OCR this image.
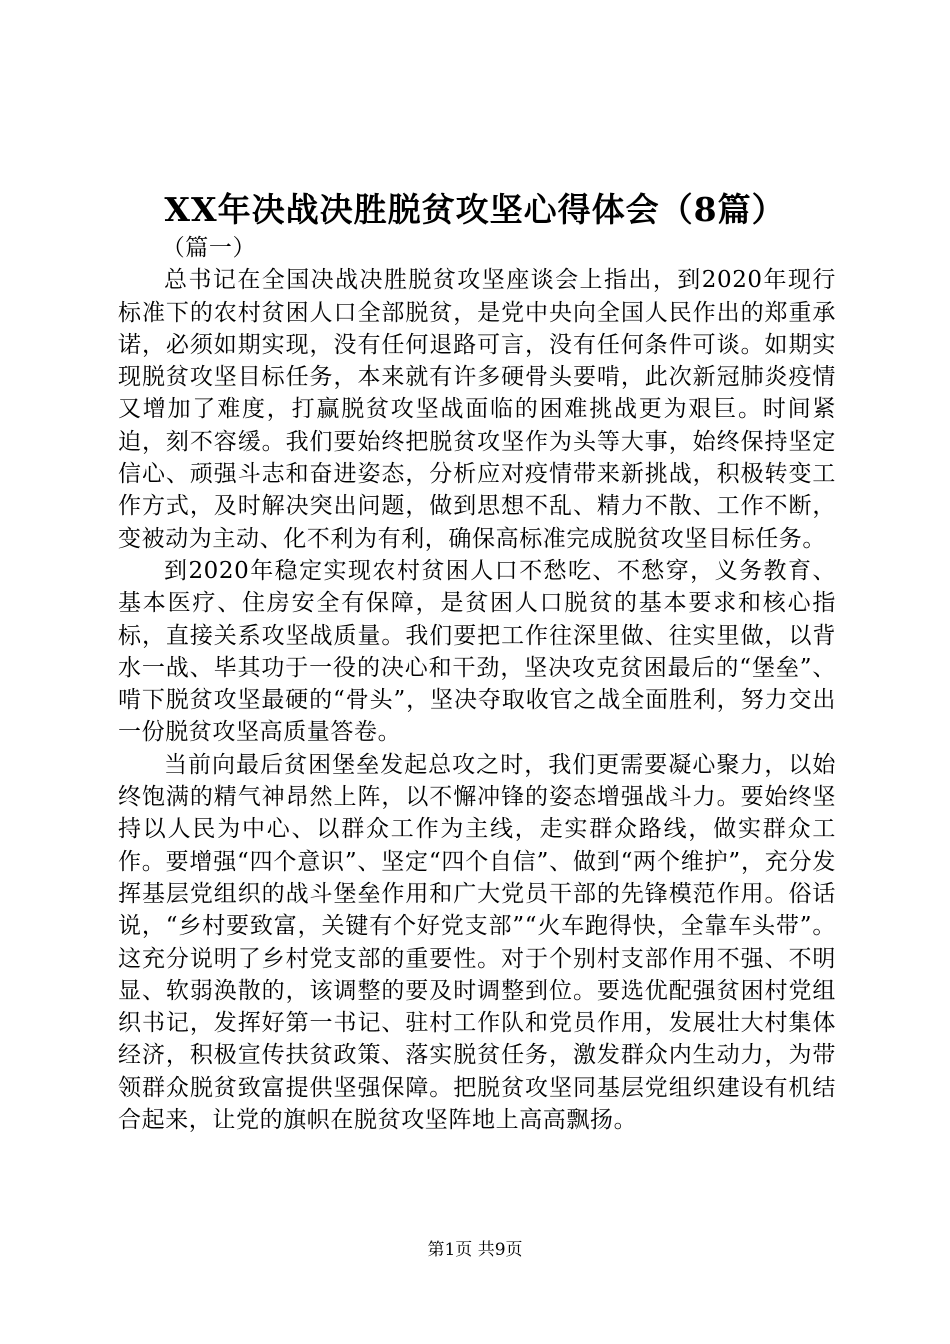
XX年决战决胜脱贫攻坚心得体会（8篇）

（篇一）

总书记在全国决战决胜脱贫攻坚座谈会上指出，到2020年现行标准下的农村贫困人口全部脱贫，是党中央向全国人民作出的郑重承诺，必须如期实现，没有任何退路可言，没有任何条件可谈。如期实现脱贫攻坚目标任务，本来就有许多硬骨头要啃，此次新冠肺炎疫情又增加了难度，打赢脱贫攻坚战面临的困难挑战更为艰巨。时间紧迫，刻不容缓。我们要始终把脱贫攻坚作为头等大事，始终保持坚定信心、顽强斗志和奋进姿态，分析应对疫情带来新挑战，积极转变工作方式，及时解决突出问题，做到思想不乱、精力不散、工作不断，变被动为主动、化不利为有利，确保高标准完成脱贫攻坚目标任务。

到2020年稳定实现农村贫困人口不愁吃、不愁穿，义务教育、基本医疗、住房安全有保障，是贫困人口脱贫的基本要求和核心指标，直接关系攻坚战质量。我们要把工作往深里做、往实里做，以背水一战、毕其功于一役的决心和干劲，坚决攻克贫困最后的“堡垒”、啃下脱贫攻坚最硬的“骨头”，坚决夺取收官之战全面胜利，努力交出一份脱贫攻坚高质量答卷。

当前向最后贫困堡垒发起总攻之时，我们更需要凝心聚力，以始终饱满的精气神昂然上阵，以不懈冲锋的姿态增强战斗力。要始终坚持以人民为中心、以群众工作为主线，走实群众路线，做实群众工作。要增强“四个意识”、坚定“四个自信”、做到“两个维护”，充分发挥基层党组织的战斗堡垒作用和广大党员干部的先锋模范作用。俗话说，“乡村要致富，关键有个好党支部”“火车跑得快，全靠车头带”。这充分说明了乡村党支部的重要性。对于个别村支部作用不强、不明显、软弱涣散的，该调整的要及时调整到位。要选优配强贫困村党组织书记，发挥好第一书记、驻村工作队和党员作用，发展壮大村集体经济，积极宣传扶贫政策、落实脱贫任务，激发群众内生动力，为带领群众脱贫致富提供坚强保障。把脱贫攻坚同基层党组织建设有机结合起来，让党的旗帜在脱贫攻坚阵地上高高飘扬。

第1页 共9页
